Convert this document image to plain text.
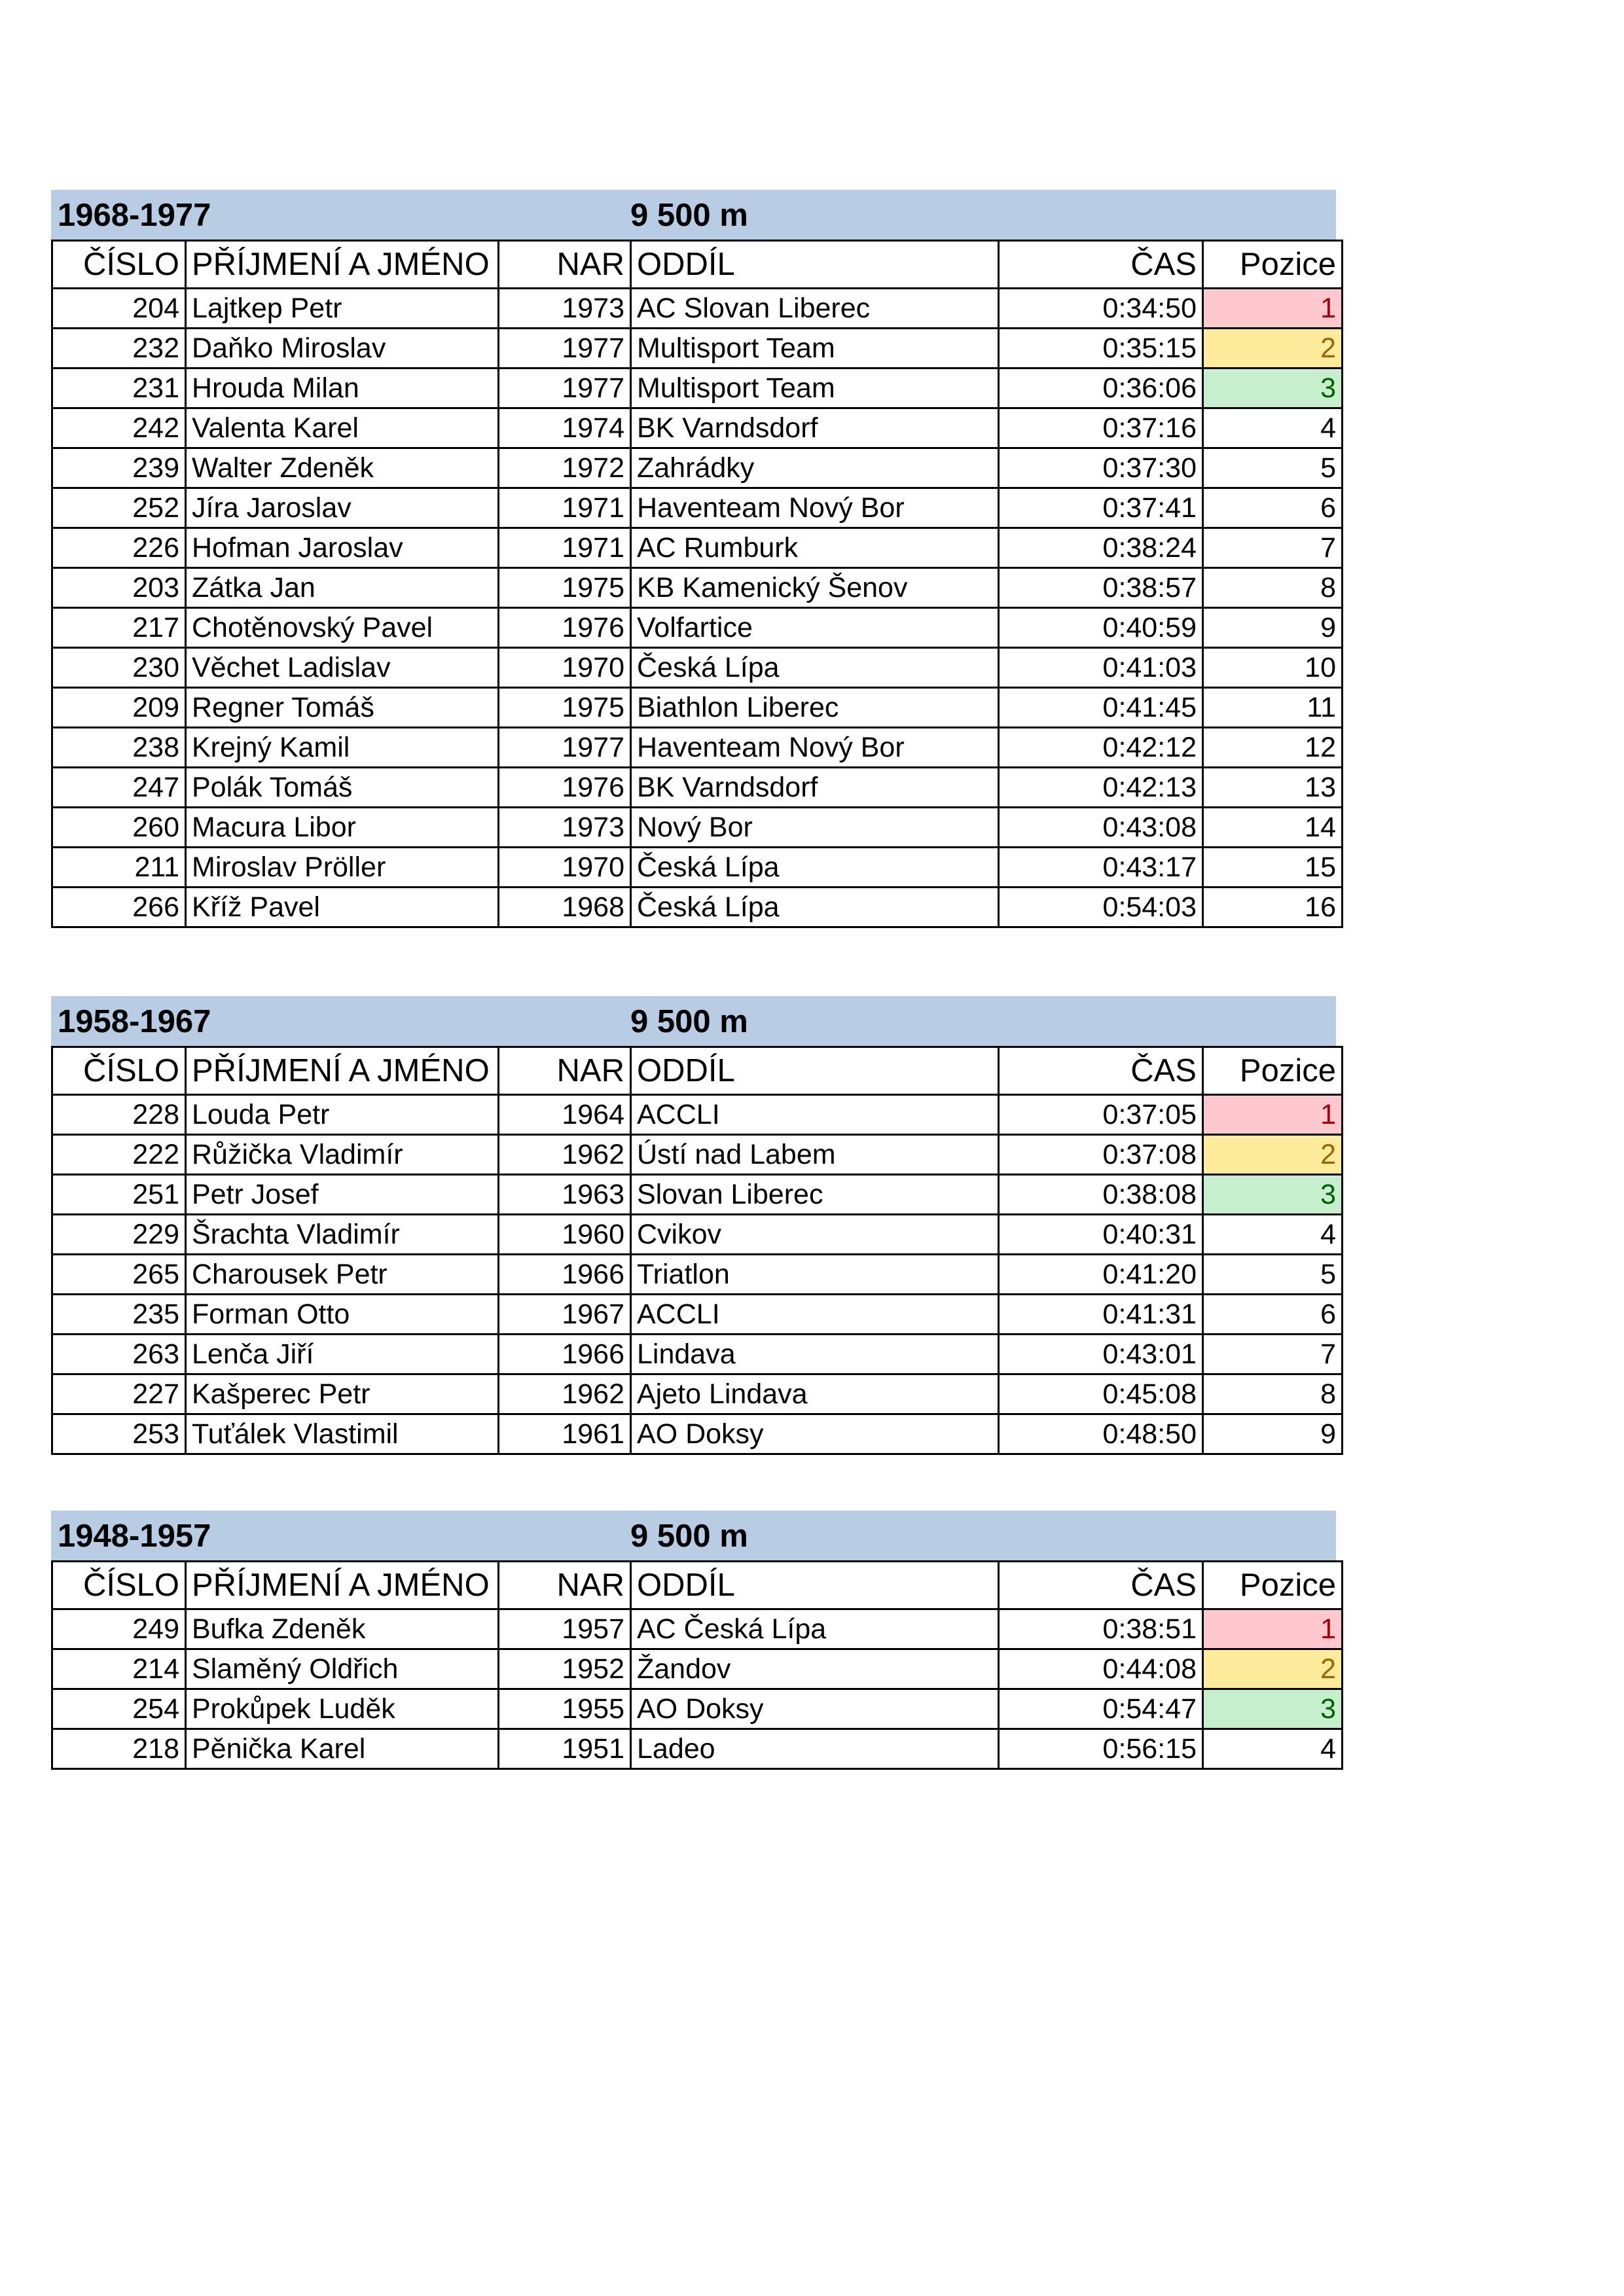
1968-1977	9 500 m
ČÍSLO	PŘÍJMENÍ A JMÉNO	NAR	ODDÍL	ČAS	Pozice
204	Lajtkep Petr	1973	AC Slovan Liberec	0:34:50	1
232	Daňko Miroslav	1977	Multisport Team	0:35:15	2
231	Hrouda Milan	1977	Multisport Team	0:36:06	3
242	Valenta Karel	1974	BK Varndsdorf	0:37:16	4
239	Walter Zdeněk	1972	Zahrádky	0:37:30	5
252	Jíra Jaroslav	1971	Haventeam Nový Bor	0:37:41	6
226	Hofman Jaroslav	1971	AC Rumburk	0:38:24	7
203	Zátka Jan	1975	KB Kamenický Šenov	0:38:57	8
217	Chotěnovský Pavel	1976	Volfartice	0:40:59	9
230	Věchet Ladislav	1970	Česká Lípa	0:41:03	10
209	Regner Tomáš	1975	Biathlon Liberec	0:41:45	11
238	Krejný Kamil	1977	Haventeam Nový Bor	0:42:12	12
247	Polák Tomáš	1976	BK Varndsdorf	0:42:13	13
260	Macura Libor	1973	Nový Bor	0:43:08	14
211	Miroslav Pröller	1970	Česká Lípa	0:43:17	15
266	Kříž Pavel	1968	Česká Lípa	0:54:03	16
1958-1967	9 500 m
ČÍSLO	PŘÍJMENÍ A JMÉNO	NAR	ODDÍL	ČAS	Pozice
228	Louda Petr	1964	ACCLI	0:37:05	1
222	Růžička Vladimír	1962	Ústí nad Labem	0:37:08	2
251	Petr Josef	1963	Slovan Liberec	0:38:08	3
229	Šrachta Vladimír	1960	Cvikov	0:40:31	4
265	Charousek Petr	1966	Triatlon	0:41:20	5
235	Forman Otto	1967	ACCLI	0:41:31	6
263	Lenča Jiří	1966	Lindava	0:43:01	7
227	Kašperec Petr	1962	Ajeto Lindava	0:45:08	8
253	Tuťálek Vlastimil	1961	AO Doksy	0:48:50	9
1948-1957	9 500 m
ČÍSLO	PŘÍJMENÍ A JMÉNO	NAR	ODDÍL	ČAS	Pozice
249	Bufka Zdeněk	1957	AC Česká Lípa	0:38:51	1
214	Slaměný Oldřich	1952	Žandov	0:44:08	2
254	Prokůpek Luděk	1955	AO Doksy	0:54:47	3
218	Pěnička Karel	1951	Ladeo	0:56:15	4
